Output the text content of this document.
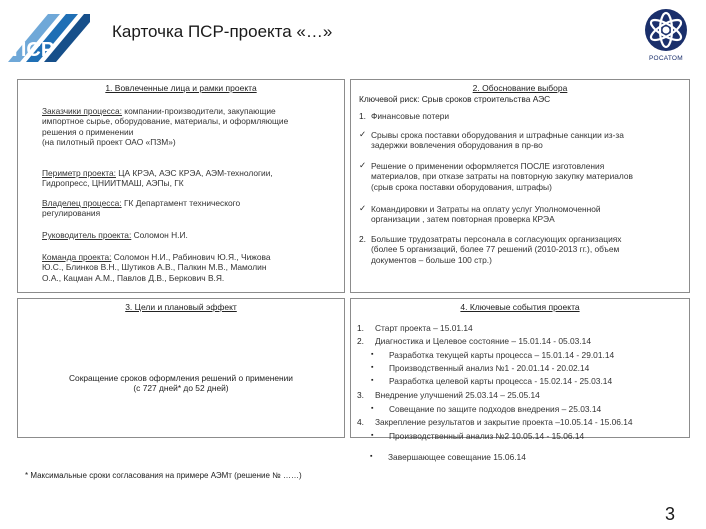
ПСР
Карточка ПСР-проекта «…»
РОСАТОМ
1. Вовлеченные лица и рамки проекта
Заказчики процесса: компании-производители, закупающие
импортное сырье, оборудование, материалы, и оформляющие
решения о применении
(на пилотный проект ОАО «ПЗМ»)
Периметр проекта: ЦА КРЭА, АЭС КРЭА, АЭМ-технологии,
Гидропресс, ЦНИИТМАШ, АЭПы, ГК
Владелец процесса: ГК Департамент технического
регулирования
Руководитель проекта: Соломон Н.И.
Команда проекта: Соломон Н.И., Рабинович Ю.Я., Чижова
Ю.С., Блинков В.Н., Шутиков А.В., Палкин М.В., Мамолин
О.А., Кацман А.М., Павлов Д.В., Беркович В.Я.
2. Обоснование выбора
Ключевой риск: Срыв сроков строительства АЭС
1. Финансовые потери
✓ Срывы срока поставки оборудования и штрафные санкции из-за
задержки вовлечения оборудования в пр-во
✓ Решение о применении оформляется ПОСЛЕ изготовления
материалов, при отказе затраты на повторную закупку материалов
(срыв срока поставки оборудования, штрафы)
✓ Командировки и Затраты на оплату услуг Уполномоченной
организации , затем повторная проверка КРЭА
2. Большие трудозатраты персонала в согласующих организациях
(более 5 организаций, более 77 решений (2010-2013 гг.), объем
документов – больше 100 стр.)
3. Цели и плановый эффект
Сокращение сроков оформления решений о применении
(с 727 дней* до 52 дней)
4. Ключевые события проекта
1. Старт проекта – 15.01.14
2. Диагностика и Целевое состояние – 15.01.14 - 05.03.14
▪ Разработка текущей карты процесса – 15.01.14 - 29.01.14
▪ Производственный анализ №1 - 20.01.14 - 20.02.14
▪ Разработка целевой карты процесса - 15.02.14 - 25.03.14
3. Внедрение улучшений 25.03.14 – 25.05.14
▪ Совещание по защите подходов внедрения – 25.03.14
4. Закрепление результатов и закрытие проекта –10.05.14 - 15.06.14
▪ Производственный анализ №2 10.05.14 - 15.06.14
▪ Завершающее совещание 15.06.14
* Максимальные сроки согласования на примере АЭМт (решение № ……)
3
